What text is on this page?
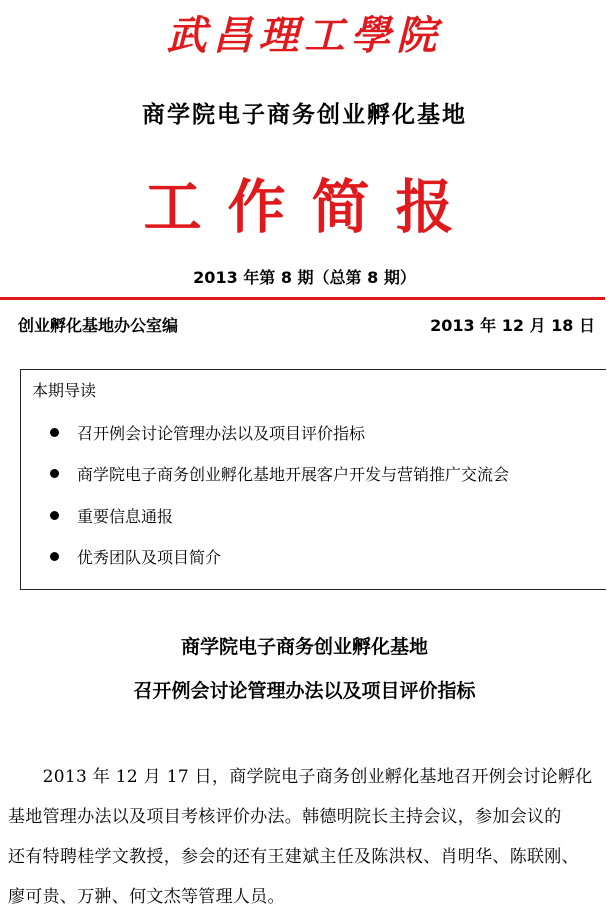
武昌理工學院
商学院电子商务创业孵化基地
工作简报
2013 年第 8 期（总第 8 期）
创业孵化基地办公室编	2013 年 12 月 18 日
本期导读
召开例会讨论管理办法以及项目评价指标
商学院电子商务创业孵化基地开展客户开发与营销推广交流会
重要信息通报
优秀团队及项目简介
商学院电子商务创业孵化基地
召开例会讨论管理办法以及项目评价指标
　　2013 年 12 月 17 日，商学院电子商务创业孵化基地召开例会讨论孵化
基地管理办法以及项目考核评价办法。韩德明院长主持会议，参加会议的
还有特聘桂学文教授，参会的还有王建斌主任及陈洪权、肖明华、陈联刚、
廖可贵、万翀、何文杰等管理人员。
